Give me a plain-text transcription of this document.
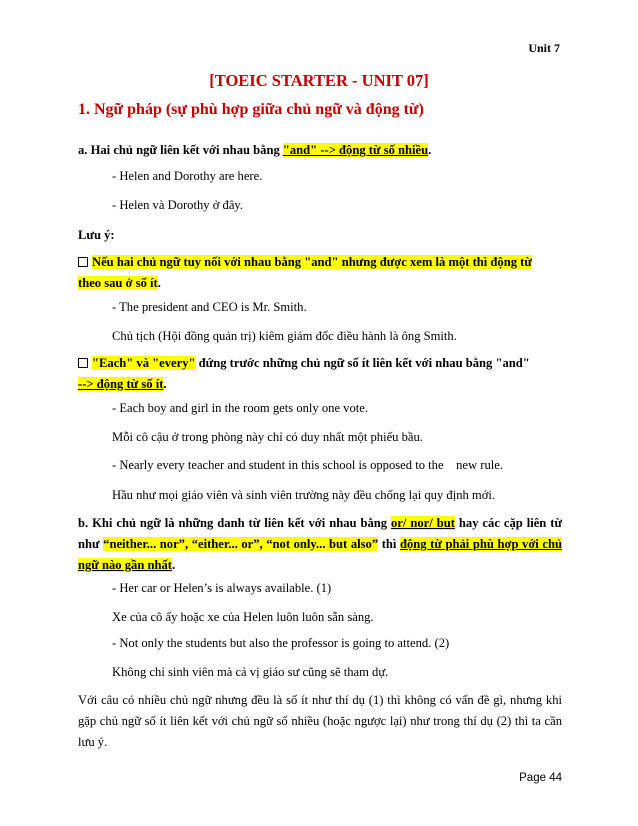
Unit 7
[TOEIC STARTER - UNIT 07]
1. Ngữ pháp (sự phù hợp giữa chủ ngữ và động từ)
a. Hai chủ ngữ liên kết với nhau bằng "and" --> động từ số nhiều.
- Helen and Dorothy are here.
- Helen và Dorothy ở đây.
Lưu ý:
Nếu hai chủ ngữ tuy nối với nhau bằng "and" nhưng được xem là một thì động từ
theo sau ở số ít.
- The president and CEO is Mr. Smith.
Chủ tịch (Hội đồng quản trị) kiêm giám đốc điều hành là ông Smith.
"Each" và "every" đứng trước những chủ ngữ số ít liên kết với nhau bằng "and"
--> động từ số ít.
- Each boy and girl in the room gets only one vote.
Mỗi cô cậu ở trong phòng này chỉ có duy nhất một phiếu bầu.
- Nearly every teacher and student in this school is opposed to the    new rule.
Hầu như mọi giáo viên và sinh viên trường này đều chống lại quy định mới.
b. Khi chủ ngữ là những danh từ liên kết với nhau bằng or/ nor/ but hay các cặp liên từ như “neither... nor”, “either... or”, “not only... but also” thì động từ phải phù hợp với chủ ngữ nào gần nhất.
- Her car or Helen’s is always available. (1)
Xe của cô ấy hoặc xe của Helen luôn luôn sẵn sàng.
- Not only the students but also the professor is going to attend. (2)
Không chỉ sinh viên mà cả vị giáo sư cũng sẽ tham dự.
Với câu có nhiều chủ ngữ nhưng đều là số ít như thí dụ (1) thì không có vấn đề gì, nhưng khi gặp chủ ngữ số ít liên kết với chủ ngữ số nhiều (hoặc ngược lại) như trong thí dụ (2) thì ta cần lưu ý.
Page 44
